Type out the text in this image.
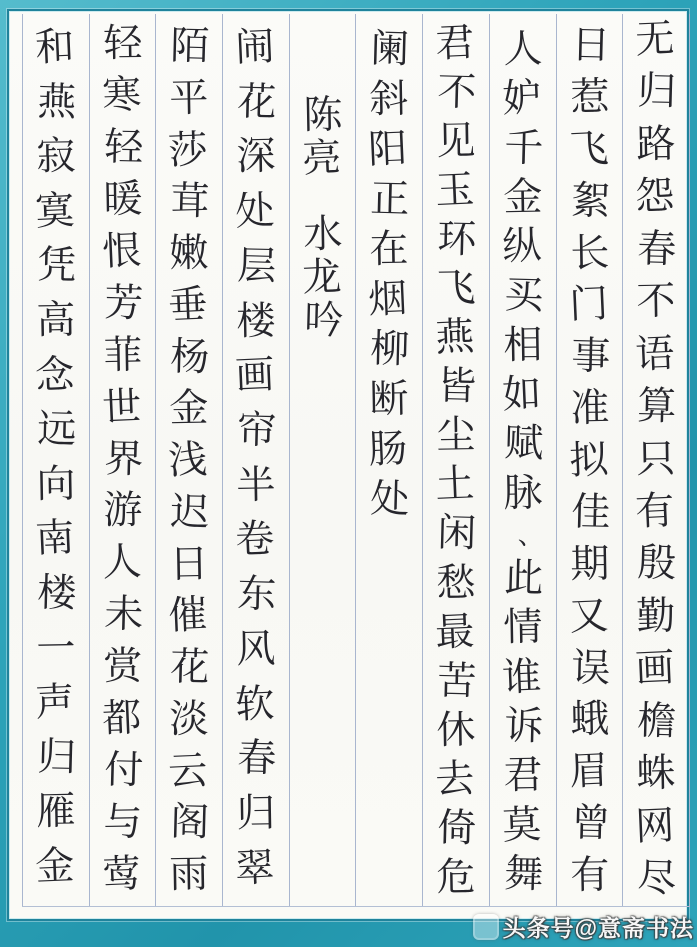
无
归
路
怨
春
不
语
算
只
有
殷
勤
画
檐
蛛
网
尽
日
惹
飞
絮
长
门
事
准
拟
佳
期
又
误
蛾
眉
曾
有
人
妒
千
金
纵
买
相
如
赋
脉
、
此
情
谁
诉
君
莫
舞
君
不
见
玉
环
飞
燕
皆
尘
土
闲
愁
最
苦
休
去
倚
危
阑
斜
阳
正
在
烟
柳
断
肠
处
陈
亮
水
龙
吟
闹
花
深
处
层
楼
画
帘
半
卷
东
风
软
春
归
翠
陌
平
莎
茸
嫩
垂
杨
金
浅
迟
日
催
花
淡
云
阁
雨
轻
寒
轻
暖
恨
芳
菲
世
界
游
人
未
赏
都
付
与
莺
和
燕
寂
寞
凭
高
念
远
向
南
楼
一
声
归
雁
金
头条号@意斋书法
